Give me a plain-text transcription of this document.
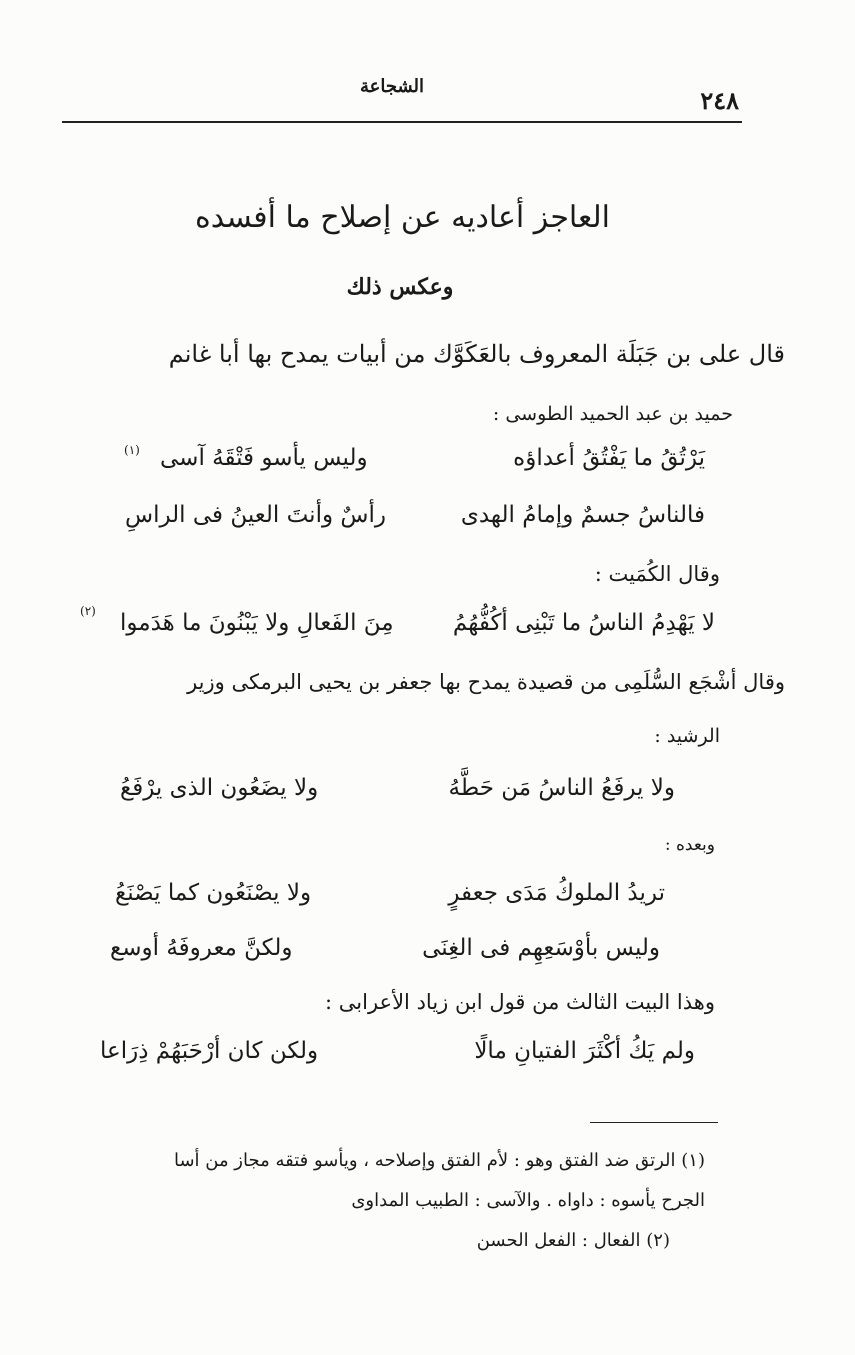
٢٤٨
الشجاعة
العاجز أعاديه عن إصلاح ما أفسده
وعكس ذلك
قال على بن جَبَلَة المعروف بالعَكَوَّك من أبيات يمدح بها أبا غانم
حميد بن عبد الحميد الطوسى :
يَرْتُقُ ما يَفْتُقُ أعداؤه
وليس يأسو فَتْقَهُ آسى
(١)
فالناسُ جسمٌ وإمامُ الهدى
رأسٌ وأنتَ العينُ فى الراسِ
وقال الكُمَيت :
لا يَهْدِمُ الناسُ ما تَبْنِى أكُفُّهُمُ
مِنَ الفَعالِ ولا يَبْنُونَ ما هَدَموا
(٢)
وقال أشْجَع السُّلَمِى من قصيدة يمدح بها جعفر بن يحيى البرمكى وزير
الرشيد :
ولا يرفَعُ الناسُ مَن حَطَّهُ
ولا يضَعُون الذى يرْفَعُ
وبعده :
تريدُ الملوكُ مَدَى جعفرٍ
ولا يصْنَعُون كما يَصْنَعُ
وليس بأوْسَعِهِم فى الغِنَى
ولكنَّ معروفَهُ أوسع
وهذا البيت الثالث من قول ابن زياد الأعرابى :
ولم يَكُ أكْثَرَ الفتيانِ مالًا
ولكن كان أرْحَبَهُمْ ذِرَاعا
(١) الرتق ضد الفتق وهو : لأم الفتق وإصلاحه ، ويأسو فتقه مجاز من أسا
الجرح يأسوه : داواه . والآسى : الطبيب المداوى
(٢) الفعال : الفعل الحسن
